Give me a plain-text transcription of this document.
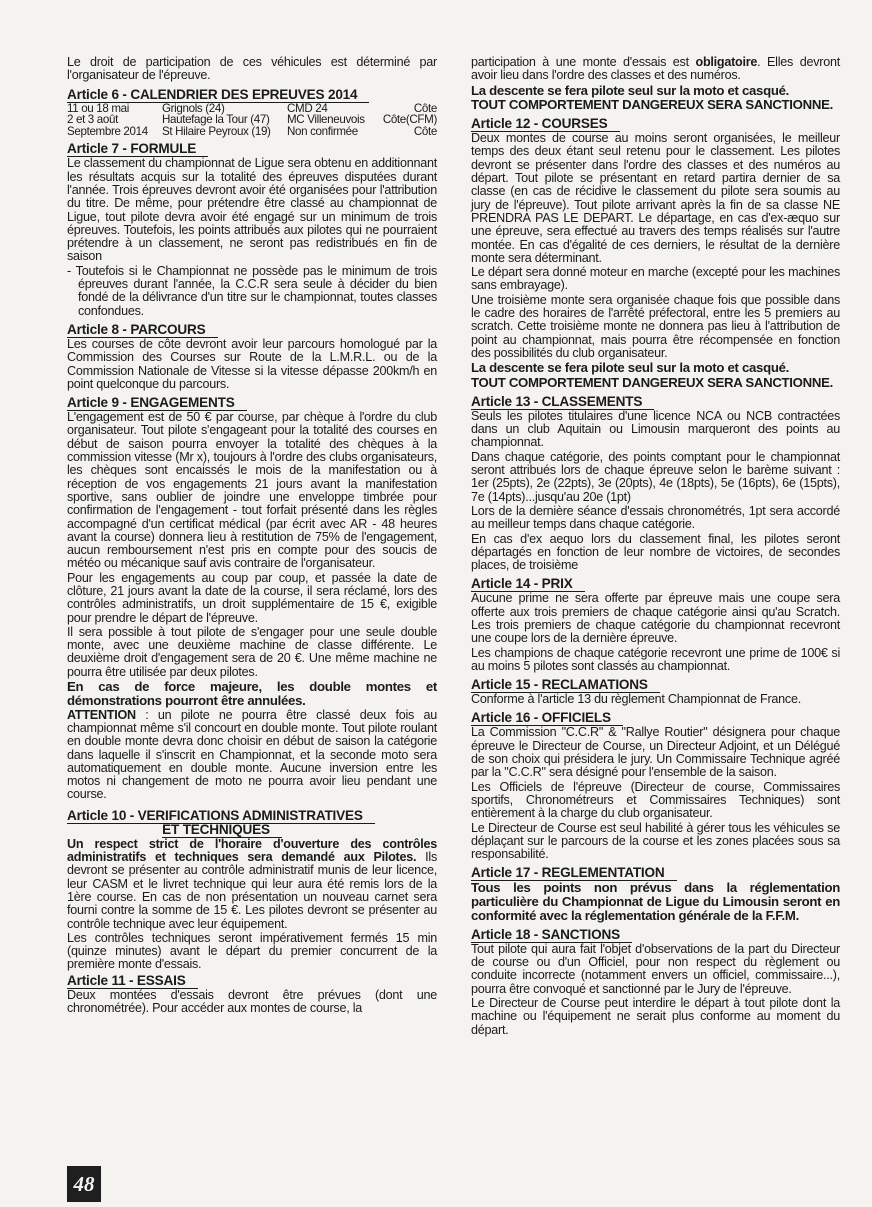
Le droit de participation de ces véhicules est déterminé par l'organisateur de l'épreuve.

Article 6 - CALENDRIER DES EPREUVES 2014
11 ou 18 mai	Grignols (24)	CMD 24	Côte
2 et 3 août	Hautefage la Tour (47)	MC Villeneuvois	Côte(CFM)
Septembre 2014	St Hilaire Peyroux (19)	Non confirmée	Côte
Article 7 - FORMULE

Le classement du championnat de Ligue sera obtenu en additionnant les résultats acquis sur la totalité des épreuves disputées durant l'année. Trois épreuves devront avoir été organisées pour l'attribution du titre. De même, pour prétendre être classé au championnat de Ligue, tout pilote devra avoir été engagé sur un minimum de trois épreuves. Toutefois, les points attribués aux pilotes qui ne pourraient prétendre à un classement, ne seront pas redistribués en fin de saison

- Toutefois si le Championnat ne possède pas le minimum de trois épreuves durant l'année, la C.C.R sera seule à décider du bien fondé de la délivrance d'un titre sur le championnat, toutes classes confondues.

Article 8 - PARCOURS

Les courses de côte devront avoir leur parcours homologué par la Commission des Courses sur Route de la L.M.R.L. ou de la Commission Nationale de Vitesse si la vitesse dépasse 200km/h en point quelconque du parcours.

Article 9 - ENGAGEMENTS

L'engagement est de 50 € par course, par chèque à l'ordre du club organisateur. Tout pilote s'engageant pour la totalité des courses en début de saison pourra envoyer la totalité des chèques à la commission vitesse (Mr x), toujours à l'ordre des clubs organisateurs, les chèques sont encaissés le mois de la manifestation ou à réception de vos engagements 21 jours avant la manifestation sportive, sans oublier de joindre une enveloppe timbrée pour confirmation de l'engagement - tout forfait présenté dans les règles accompagné d'un certificat médical (par écrit avec AR - 48 heures avant la course) donnera lieu à restitution de 75% de l'engagement, aucun remboursement n'est pris en compte pour des soucis de météo ou mécanique sauf avis contraire de l'organisateur.

Pour les engagements au coup par coup, et passée la date de clôture, 21 jours avant la date de la course, il sera réclamé, lors des contrôles administratifs, un droit supplémentaire de 15 €, exigible pour prendre le départ de l'épreuve.

Il sera possible à tout pilote de s'engager pour une seule double monte, avec une deuxième machine de classe différente. Le deuxième droit d'engagement sera de 20 €. Une même machine ne pourra être utilisée par deux pilotes.

En cas de force majeure, les double montes et démonstrations pourront être annulées.

ATTENTION : un pilote ne pourra être classé deux fois au championnat même s'il concourt en double monte. Tout pilote roulant en double monte devra donc choisir en début de saison la catégorie dans laquelle il s'inscrit en Championnat, et la seconde moto sera automatiquement en double monte. Aucune inversion entre les motos ni changement de moto ne pourra avoir lieu pendant une course.

Article 10 - VERIFICATIONS ADMINISTRATIVES
ET TECHNIQUES

Un respect strict de l'horaire d'ouverture des contrôles administratifs et techniques sera demandé aux Pilotes. Ils devront se présenter au contrôle administratif munis de leur licence, leur CASM et le livret technique qui leur aura été remis lors de la 1ère course. En cas de non présentation un nouveau carnet sera fourni contre la somme de 15 €. Les pilotes devront se présenter au contrôle technique avec leur équipement.

Les contrôles techniques seront impérativement fermés 15 min (quinze minutes) avant le départ du premier concurrent de la première monte d'essais.

Article 11 - ESSAIS

Deux montées d'essais devront être prévues (dont une chronométrée). Pour accéder aux montes de course, la

participation à une monte d'essais est obligatoire. Elles devront avoir lieu dans l'ordre des classes et des numéros.

La descente se fera pilote seul sur la moto et casqué.

TOUT COMPORTEMENT DANGEREUX SERA SANCTIONNE.

Article 12 - COURSES

Deux montes de course au moins seront organisées, le meilleur temps des deux étant seul retenu pour le classement. Les pilotes devront se présenter dans l'ordre des classes et des numéros au départ. Tout pilote se présentant en retard partira dernier de sa classe (en cas de récidive le classement du pilote sera soumis au jury de l'épreuve). Tout pilote arrivant après la fin de sa classe NE PRENDRA PAS LE DEPART. Le départage, en cas d'ex-æquo sur une épreuve, sera effectué au travers des temps réalisés sur l'autre montée. En cas d'égalité de ces derniers, le résultat de la dernière monte sera déterminant.

Le départ sera donné moteur en marche (excepté pour les machines sans embrayage).

Une troisième monte sera organisée chaque fois que possible dans le cadre des horaires de l'arrêté préfectoral, entre les 5 premiers au scratch. Cette troisième monte ne donnera pas lieu à l'attribution de point au championnat, mais pourra être récompensée en fonction des possibilités du club organisateur.

La descente se fera pilote seul sur la moto et casqué.

TOUT COMPORTEMENT DANGEREUX SERA SANCTIONNE.

Article 13 - CLASSEMENTS

Seuls les pilotes titulaires d'une licence NCA ou NCB contractées dans un club Aquitain ou Limousin marqueront des points au championnat.

Dans chaque catégorie, des points comptant pour le championnat seront attribués lors de chaque épreuve selon le barème suivant : 1er (25pts), 2e (22pts), 3e (20pts), 4e (18pts), 5e (16pts), 6e (15pts), 7e (14pts)...jusqu'au 20e (1pt)

Lors de la dernière séance d'essais chronométrés, 1pt sera accordé au meilleur temps dans chaque catégorie.

En cas d'ex aequo lors du classement final, les pilotes seront départagés en fonction de leur nombre de victoires, de secondes places, de troisième

Article 14 - PRIX

Aucune prime ne sera offerte par épreuve mais une coupe sera offerte aux trois premiers de chaque catégorie ainsi qu'au Scratch. Les trois premiers de chaque catégorie du championnat recevront une coupe lors de la dernière épreuve.

Les champions de chaque catégorie recevront une prime de 100€ si au moins 5 pilotes sont classés au championnat.

Article 15 - RECLAMATIONS

Conforme à l'article 13 du règlement Championnat de France.

Article 16 - OFFICIELS

La Commission "C.C.R" & "Rallye Routier" désignera pour chaque épreuve le Directeur de Course, un Directeur Adjoint, et un Délégué de son choix qui présidera le jury. Un Commissaire Technique agréé par la "C.C.R" sera désigné pour l'ensemble de la saison.

Les Officiels de l'épreuve (Directeur de course, Commissaires sportifs, Chronométreurs et Commissaires Techniques) sont entièrement à la charge du club organisateur.

Le Directeur de Course est seul habilité à gérer tous les véhicules se déplaçant sur le parcours de la course et les zones placées sous sa responsabilité.

Article 17 - REGLEMENTATION

Tous les points non prévus dans la réglementation particulière du Championnat de Ligue du Limousin seront en conformité avec la réglementation générale de la F.F.M.

Article 18 - SANCTIONS

Tout pilote qui aura fait l'objet d'observations de la part du Directeur de course ou d'un Officiel, pour non respect du règlement ou conduite incorrecte (notamment envers un officiel, commissaire...), pourra être convoqué et sanctionné par le Jury de l'épreuve.

Le Directeur de Course peut interdire le départ à tout pilote dont la machine ou l'équipement ne serait plus conforme au moment du départ.

48
